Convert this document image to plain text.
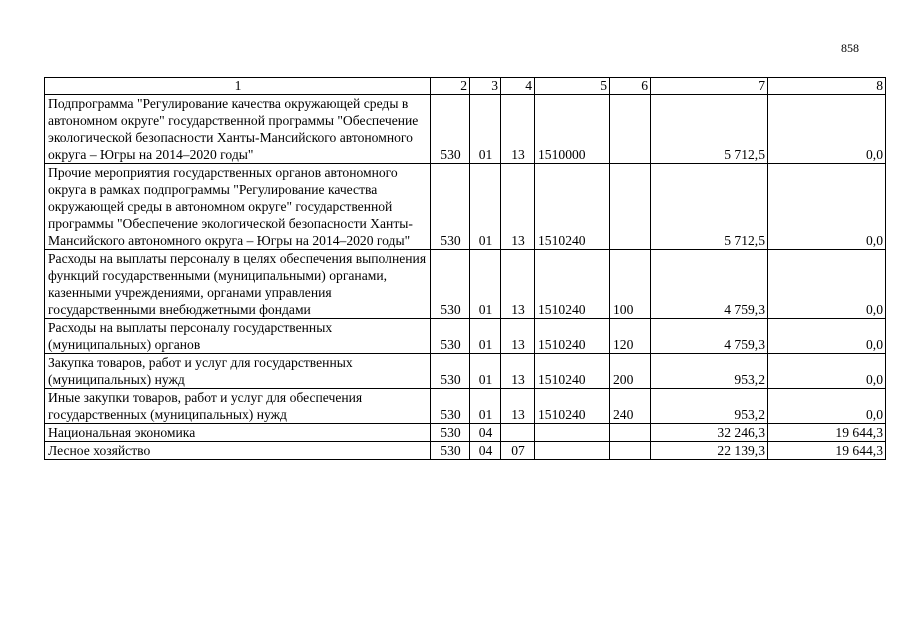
858
1	2	3	4	5	6	7	8
Подпрограмма "Регулирование качества окружающей среды в автономном округе" государственной программы "Обеспечение экологической безопасности Ханты-Мансийского автономного округа – Югры на 2014–2020 годы"	530	01	13	1510000		5 712,5	0,0
Прочие мероприятия государственных органов автономного округа в рамках подпрограммы "Регулирование качества окружающей среды в автономном округе" государственной программы "Обеспечение экологической безопасности Ханты-Мансийского автономного округа – Югры на 2014–2020 годы"	530	01	13	1510240		5 712,5	0,0
Расходы на выплаты персоналу в целях обеспечения выполнения функций государственными (муниципальными) органами, казенными учреждениями, органами управления государственными внебюджетными фондами	530	01	13	1510240	100	4 759,3	0,0
Расходы на выплаты персоналу государственных (муниципальных) органов	530	01	13	1510240	120	4 759,3	0,0
Закупка товаров, работ и услуг для государственных (муниципальных) нужд	530	01	13	1510240	200	953,2	0,0
Иные закупки товаров, работ и услуг для обеспечения государственных (муниципальных) нужд	530	01	13	1510240	240	953,2	0,0
Национальная экономика	530	04				32 246,3	19 644,3
Лесное хозяйство	530	04	07			22 139,3	19 644,3
